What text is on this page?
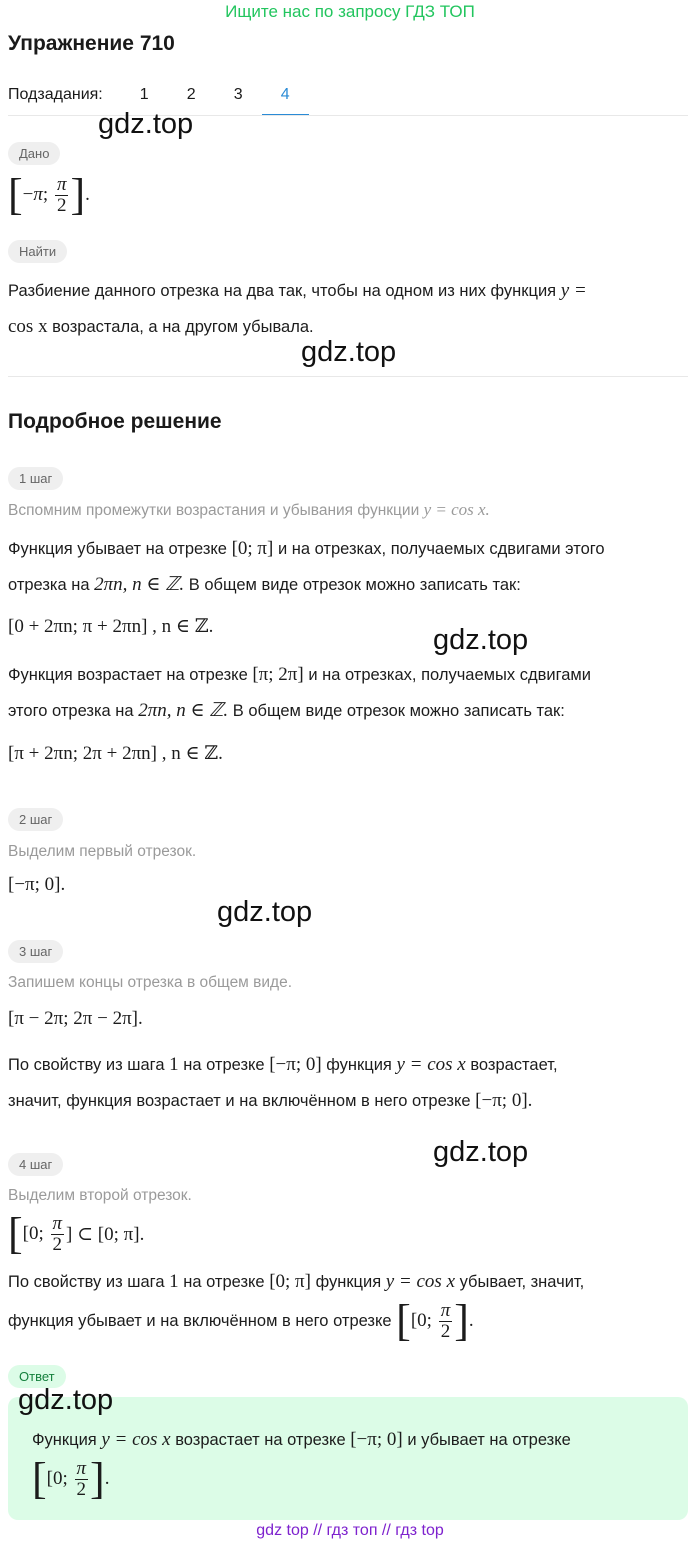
Ищите нас по запросу ГДЗ ТОП
Упражнение 710
Подзадания:	1	2	3	4
gdz.top
Дано
[ −π; $\frac{\pi}{2}$ ] .
Найти
Разбиение данного отрезка на два так, чтобы на одном из них функция y =
cos x возрастала, а на другом убывала.
gdz.top
Подробное решение
1 шаг
Вспомним промежутки возрастания и убывания функции y = cos x.
Функция убывает на отрезке [0; π] и на отрезках, получаемых сдвигами этого
отрезка на 2πn, n ∈ ℤ. В общем виде отрезок можно записать так:
[0 + 2πn; π + 2πn] , n ∈ ℤ.	gdz.top
Функция возрастает на отрезке [π; 2π] и на отрезках, получаемых сдвигами
этого отрезка на 2πn, n ∈ ℤ. В общем виде отрезок можно записать так:
[π + 2πn; 2π + 2πn] , n ∈ ℤ.
2 шаг
Выделим первый отрезок.
[−π; 0].
gdz.top
3 шаг
Запишем концы отрезка в общем виде.
[π − 2π; 2π − 2π].
По свойству из шага 1 на отрезке [−π; 0] функция y = cos x возрастает,
значит, функция возрастает и на включённом в него отрезке [−π; 0].
gdz.top
4 шаг
Выделим второй отрезок.
[ [0;
$\frac{\pi}{2}$ ] ⊂ [0; π].
По свойству из шага 1 на отрезке [0; π] функция y = cos x убывает, значит,
функция убывает и на включённом в него отрезке
[ [0;
$\frac{\pi}{2}$ ] .
Ответ
gdz.top
Функция y = cos x возрастает на отрезке [−π; 0] и убывает на отрезке
[ [0;
$\frac{\pi}{2}$ ] .
gdz top // гдз топ // гдз top
